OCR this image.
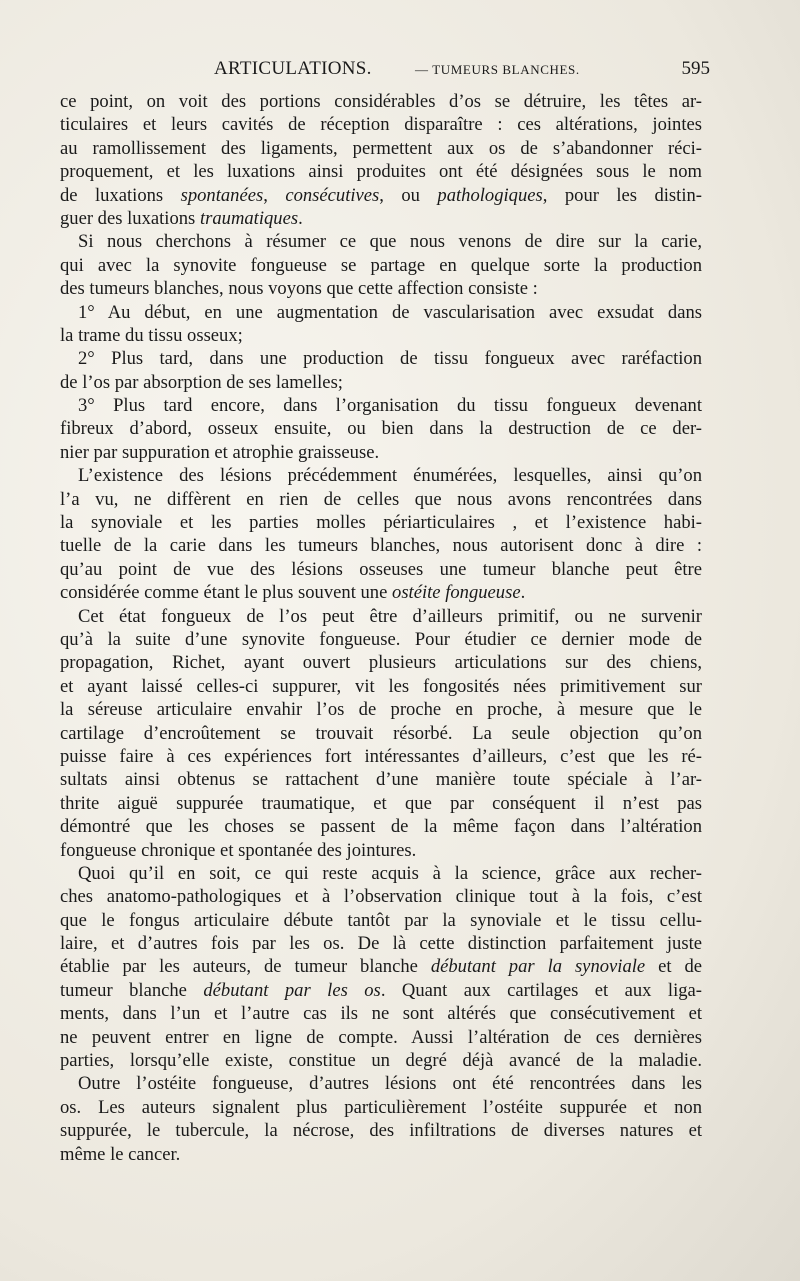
ARTICULATIONS.	— TUMEURS BLANCHES.	595
ce point, on voit des portions considérables d’os se détruire, les têtes ar-
ticulaires et leurs cavités de réception disparaître : ces altérations, jointes
au ramollissement des ligaments, permettent aux os de s’abandonner réci-
proquement, et les luxations ainsi produites ont été désignées sous le nom
de luxations spontanées, consécutives, ou pathologiques, pour les distin-
guer des luxations traumatiques.
Si nous cherchons à résumer ce que nous venons de dire sur la carie,
qui avec la synovite fongueuse se partage en quelque sorte la production
des tumeurs blanches, nous voyons que cette affection consiste :
1° Au début, en une augmentation de vascularisation avec exsudat dans
la trame du tissu osseux;
2° Plus tard, dans une production de tissu fongueux avec raréfaction
de l’os par absorption de ses lamelles;
3° Plus tard encore, dans l’organisation du tissu fongueux devenant
fibreux d’abord, osseux ensuite, ou bien dans la destruction de ce der-
nier par suppuration et atrophie graisseuse.
L’existence des lésions précédemment énumérées, lesquelles, ainsi qu’on
l’a vu, ne diffèrent en rien de celles que nous avons rencontrées dans
la synoviale et les parties molles périarticulaires , et l’existence habi-
tuelle de la carie dans les tumeurs blanches, nous autorisent donc à dire :
qu’au point de vue des lésions osseuses une tumeur blanche peut être
considérée comme étant le plus souvent une ostéite fongueuse.
Cet état fongueux de l’os peut être d’ailleurs primitif, ou ne survenir
qu’à la suite d’une synovite fongueuse. Pour étudier ce dernier mode de
propagation, Richet, ayant ouvert plusieurs articulations sur des chiens,
et ayant laissé celles-ci suppurer, vit les fongosités nées primitivement sur
la séreuse articulaire envahir l’os de proche en proche, à mesure que le
cartilage d’encroûtement se trouvait résorbé. La seule objection qu’on
puisse faire à ces expériences fort intéressantes d’ailleurs, c’est que les ré-
sultats ainsi obtenus se rattachent d’une manière toute spéciale à l’ar-
thrite aiguë suppurée traumatique, et que par conséquent il n’est pas
démontré que les choses se passent de la même façon dans l’altération
fongueuse chronique et spontanée des jointures.
Quoi qu’il en soit, ce qui reste acquis à la science, grâce aux recher-
ches anatomo-pathologiques et à l’observation clinique tout à la fois, c’est
que le fongus articulaire débute tantôt par la synoviale et le tissu cellu-
laire, et d’autres fois par les os. De là cette distinction parfaitement juste
établie par les auteurs, de tumeur blanche débutant par la synoviale et de
tumeur blanche débutant par les os. Quant aux cartilages et aux liga-
ments, dans l’un et l’autre cas ils ne sont altérés que consécutivement et
ne peuvent entrer en ligne de compte. Aussi l’altération de ces dernières
parties, lorsqu’elle existe, constitue un degré déjà avancé de la maladie.
Outre l’ostéite fongueuse, d’autres lésions ont été rencontrées dans les
os. Les auteurs signalent plus particulièrement l’ostéite suppurée et non
suppurée, le tubercule, la nécrose, des infiltrations de diverses natures et
même le cancer.
